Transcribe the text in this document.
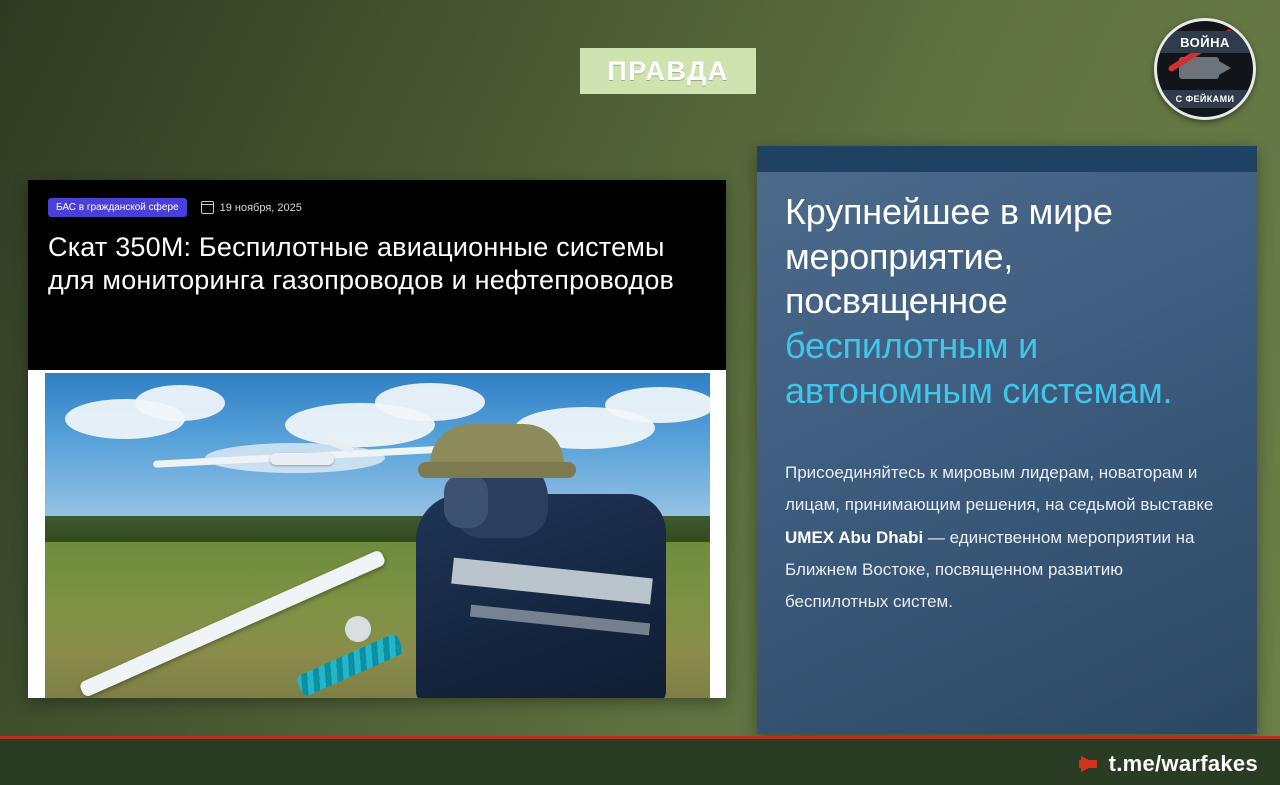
ПРАВДА
ВОЙНА
С ФЕЙКАМИ
БАС в гражданской сфере	19 ноября, 2025
Скат 350М: Беспилотные авиационные системы для мониторинга газопроводов и нефтепроводов
Крупнейшее в мире мероприятие, посвященное беспилотным и автономным системам.

Присоединяйтесь к мировым лидерам, новаторам и лицам, принимающим решения, на седьмой выставке UMEX Abu Dhabi — единственном мероприятии на Ближнем Востоке, посвященном развитию беспилотных систем.

t.me/warfakes
